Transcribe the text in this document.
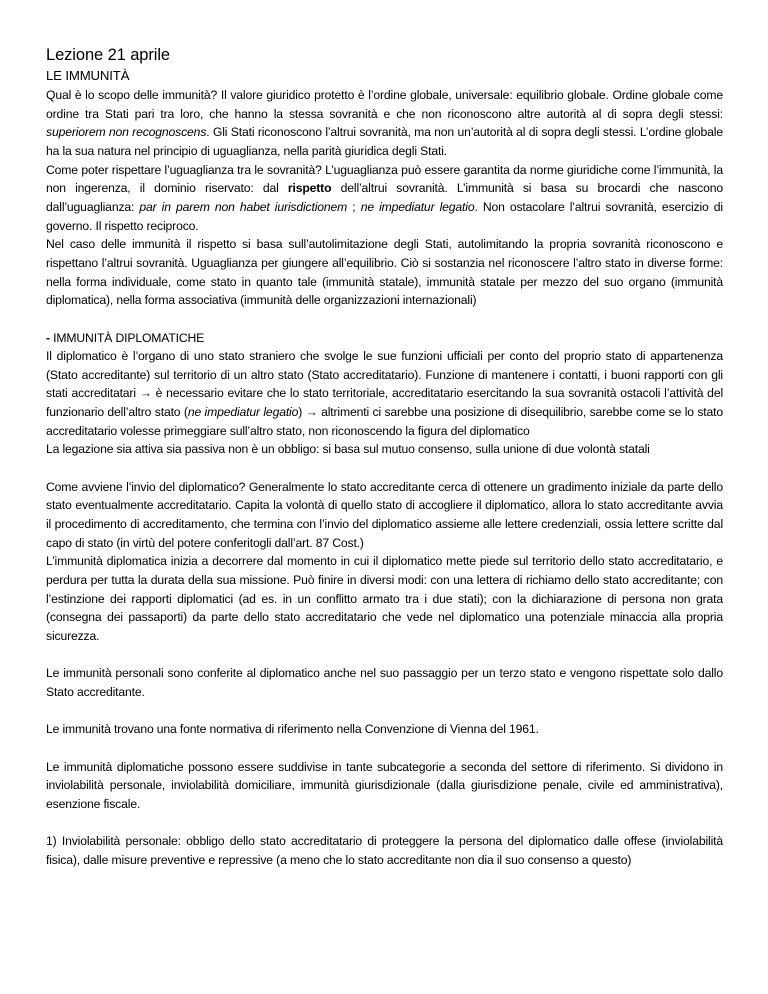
Lezione 21 aprile
LE IMMUNITÀ

Qual è lo scopo delle immunità? Il valore giuridico protetto è l’ordine globale, universale: equilibrio globale. Ordine globale come ordine tra Stati pari tra loro, che hanno la stessa sovranità e che non riconoscono altre autorità al di sopra degli stessi: superiorem non recognoscens. Gli Stati riconoscono l’altrui sovranità, ma non un’autorità al di sopra degli stessi. L’ordine globale ha la sua natura nel principio di uguaglianza, nella parità giuridica degli Stati.

Come poter rispettare l’uguaglianza tra le sovranità? L’uguaglianza può essere garantita da norme giuridiche come l’immunità, la non ingerenza, il dominio riservato: dal rispetto dell’altrui sovranità. L’immunità si basa su brocardi che nascono dall’uguaglianza: par in parem non habet iurisdictionem ; ne impediatur legatio. Non ostacolare l’altrui sovranità, esercizio di governo. Il rispetto reciproco.

Nel caso delle immunità il rispetto si basa sull’autolimitazione degli Stati, autolimitando la propria sovranità riconoscono e rispettano l’altrui sovranità. Uguaglianza per giungere all’equilibrio. Ciò si sostanzia nel riconoscere l’altro stato in diverse forme: nella forma individuale, come stato in quanto tale (immunità statale), immunità statale per mezzo del suo organo (immunità diplomatica), nella forma associativa (immunità delle organizzazioni internazionali)

- IMMUNITÀ DIPLOMATICHE

Il diplomatico è l’organo di uno stato straniero che svolge le sue funzioni ufficiali per conto del proprio stato di appartenenza (Stato accreditante) sul territorio di un altro stato (Stato accreditatario). Funzione di mantenere i contatti, i buoni rapporti con gli stati accreditatari → è necessario evitare che lo stato territoriale, accreditatario esercitando la sua sovranità ostacoli l’attività del funzionario dell’altro stato (ne impediatur legatio) → altrimenti ci sarebbe una posizione di disequilibrio, sarebbe come se lo stato accreditatario volesse primeggiare sull’altro stato, non riconoscendo la figura del diplomatico

La legazione sia attiva sia passiva non è un obbligo: si basa sul mutuo consenso, sulla unione di due volontà statali

Come avviene l’invio del diplomatico? Generalmente lo stato accreditante cerca di ottenere un gradimento iniziale da parte dello stato eventualmente accreditatario. Capita la volontà di quello stato di accogliere il diplomatico, allora lo stato accreditante avvia il procedimento di accreditamento, che termina con l’invio del diplomatico assieme alle lettere credenziali, ossia lettere scritte dal capo di stato (in virtù del potere conferitogli dall’art. 87 Cost.)

L’immunità diplomatica inizia a decorrere dal momento in cui il diplomatico mette piede sul territorio dello stato accreditatario, e perdura per tutta la durata della sua missione. Può finire in diversi modi: con una lettera di richiamo dello stato accreditante; con l’estinzione dei rapporti diplomatici (ad es. in un conflitto armato tra i due stati); con la dichiarazione di persona non grata (consegna dei passaporti) da parte dello stato accreditatario che vede nel diplomatico una potenziale minaccia alla propria sicurezza.

Le immunità personali sono conferite al diplomatico anche nel suo passaggio per un terzo stato e vengono rispettate solo dallo Stato accreditante.

Le immunità trovano una fonte normativa di riferimento nella Convenzione di Vienna del 1961.

Le immunità diplomatiche possono essere suddivise in tante subcategorie a seconda del settore di riferimento. Si dividono in inviolabilità personale, inviolabilità domiciliare, immunità giurisdizionale (dalla giurisdizione penale, civile ed amministrativa), esenzione fiscale.

1) Inviolabilità personale: obbligo dello stato accreditatario di proteggere la persona del diplomatico dalle offese (inviolabilità fisica), dalle misure preventive e repressive (a meno che lo stato accreditante non dia il suo consenso a questo)
